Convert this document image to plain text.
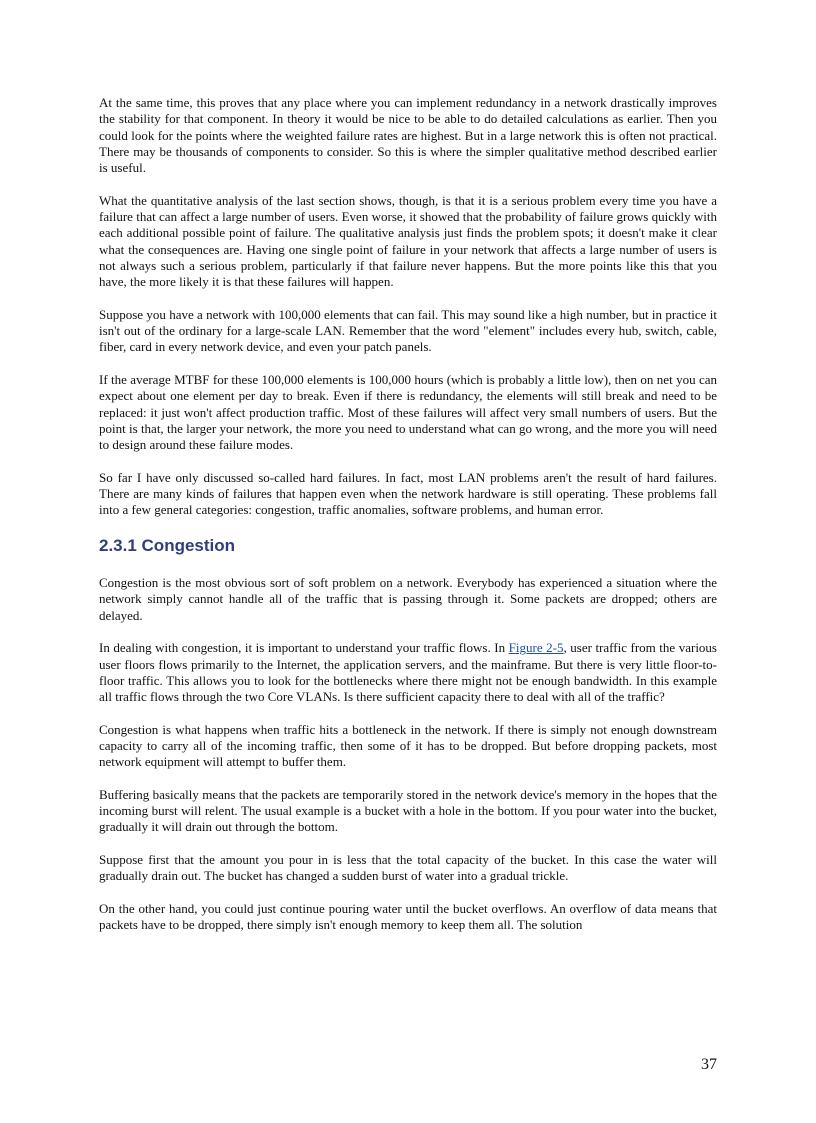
At the same time, this proves that any place where you can implement redundancy in a network drastically improves the stability for that component. In theory it would be nice to be able to do detailed calculations as earlier. Then you could look for the points where the weighted failure rates are highest. But in a large network this is often not practical. There may be thousands of components to consider. So this is where the simpler qualitative method described earlier is useful.

What the quantitative analysis of the last section shows, though, is that it is a serious problem every time you have a failure that can affect a large number of users. Even worse, it showed that the probability of failure grows quickly with each additional possible point of failure. The qualitative analysis just finds the problem spots; it doesn't make it clear what the consequences are. Having one single point of failure in your network that affects a large number of users is not always such a serious problem, particularly if that failure never happens. But the more points like this that you have, the more likely it is that these failures will happen.

Suppose you have a network with 100,000 elements that can fail. This may sound like a high number, but in practice it isn't out of the ordinary for a large-scale LAN. Remember that the word "element" includes every hub, switch, cable, fiber, card in every network device, and even your patch panels.

If the average MTBF for these 100,000 elements is 100,000 hours (which is probably a little low), then on net you can expect about one element per day to break. Even if there is redundancy, the elements will still break and need to be replaced: it just won't affect production traffic. Most of these failures will affect very small numbers of users. But the point is that, the larger your network, the more you need to understand what can go wrong, and the more you will need to design around these failure modes.

So far I have only discussed so-called hard failures. In fact, most LAN problems aren't the result of hard failures. There are many kinds of failures that happen even when the network hardware is still operating. These problems fall into a few general categories: congestion, traffic anomalies, software problems, and human error.

2.3.1 Congestion

Congestion is the most obvious sort of soft problem on a network. Everybody has experienced a situation where the network simply cannot handle all of the traffic that is passing through it. Some packets are dropped; others are delayed.

In dealing with congestion, it is important to understand your traffic flows. In Figure 2-5, user traffic from the various user floors flows primarily to the Internet, the application servers, and the mainframe. But there is very little floor-to-floor traffic. This allows you to look for the bottlenecks where there might not be enough bandwidth. In this example all traffic flows through the two Core VLANs. Is there sufficient capacity there to deal with all of the traffic?

Congestion is what happens when traffic hits a bottleneck in the network. If there is simply not enough downstream capacity to carry all of the incoming traffic, then some of it has to be dropped. But before dropping packets, most network equipment will attempt to buffer them.

Buffering basically means that the packets are temporarily stored in the network device's memory in the hopes that the incoming burst will relent. The usual example is a bucket with a hole in the bottom. If you pour water into the bucket, gradually it will drain out through the bottom.

Suppose first that the amount you pour in is less that the total capacity of the bucket. In this case the water will gradually drain out. The bucket has changed a sudden burst of water into a gradual trickle.

On the other hand, you could just continue pouring water until the bucket overflows. An overflow of data means that packets have to be dropped, there simply isn't enough memory to keep them all. The solution

37
